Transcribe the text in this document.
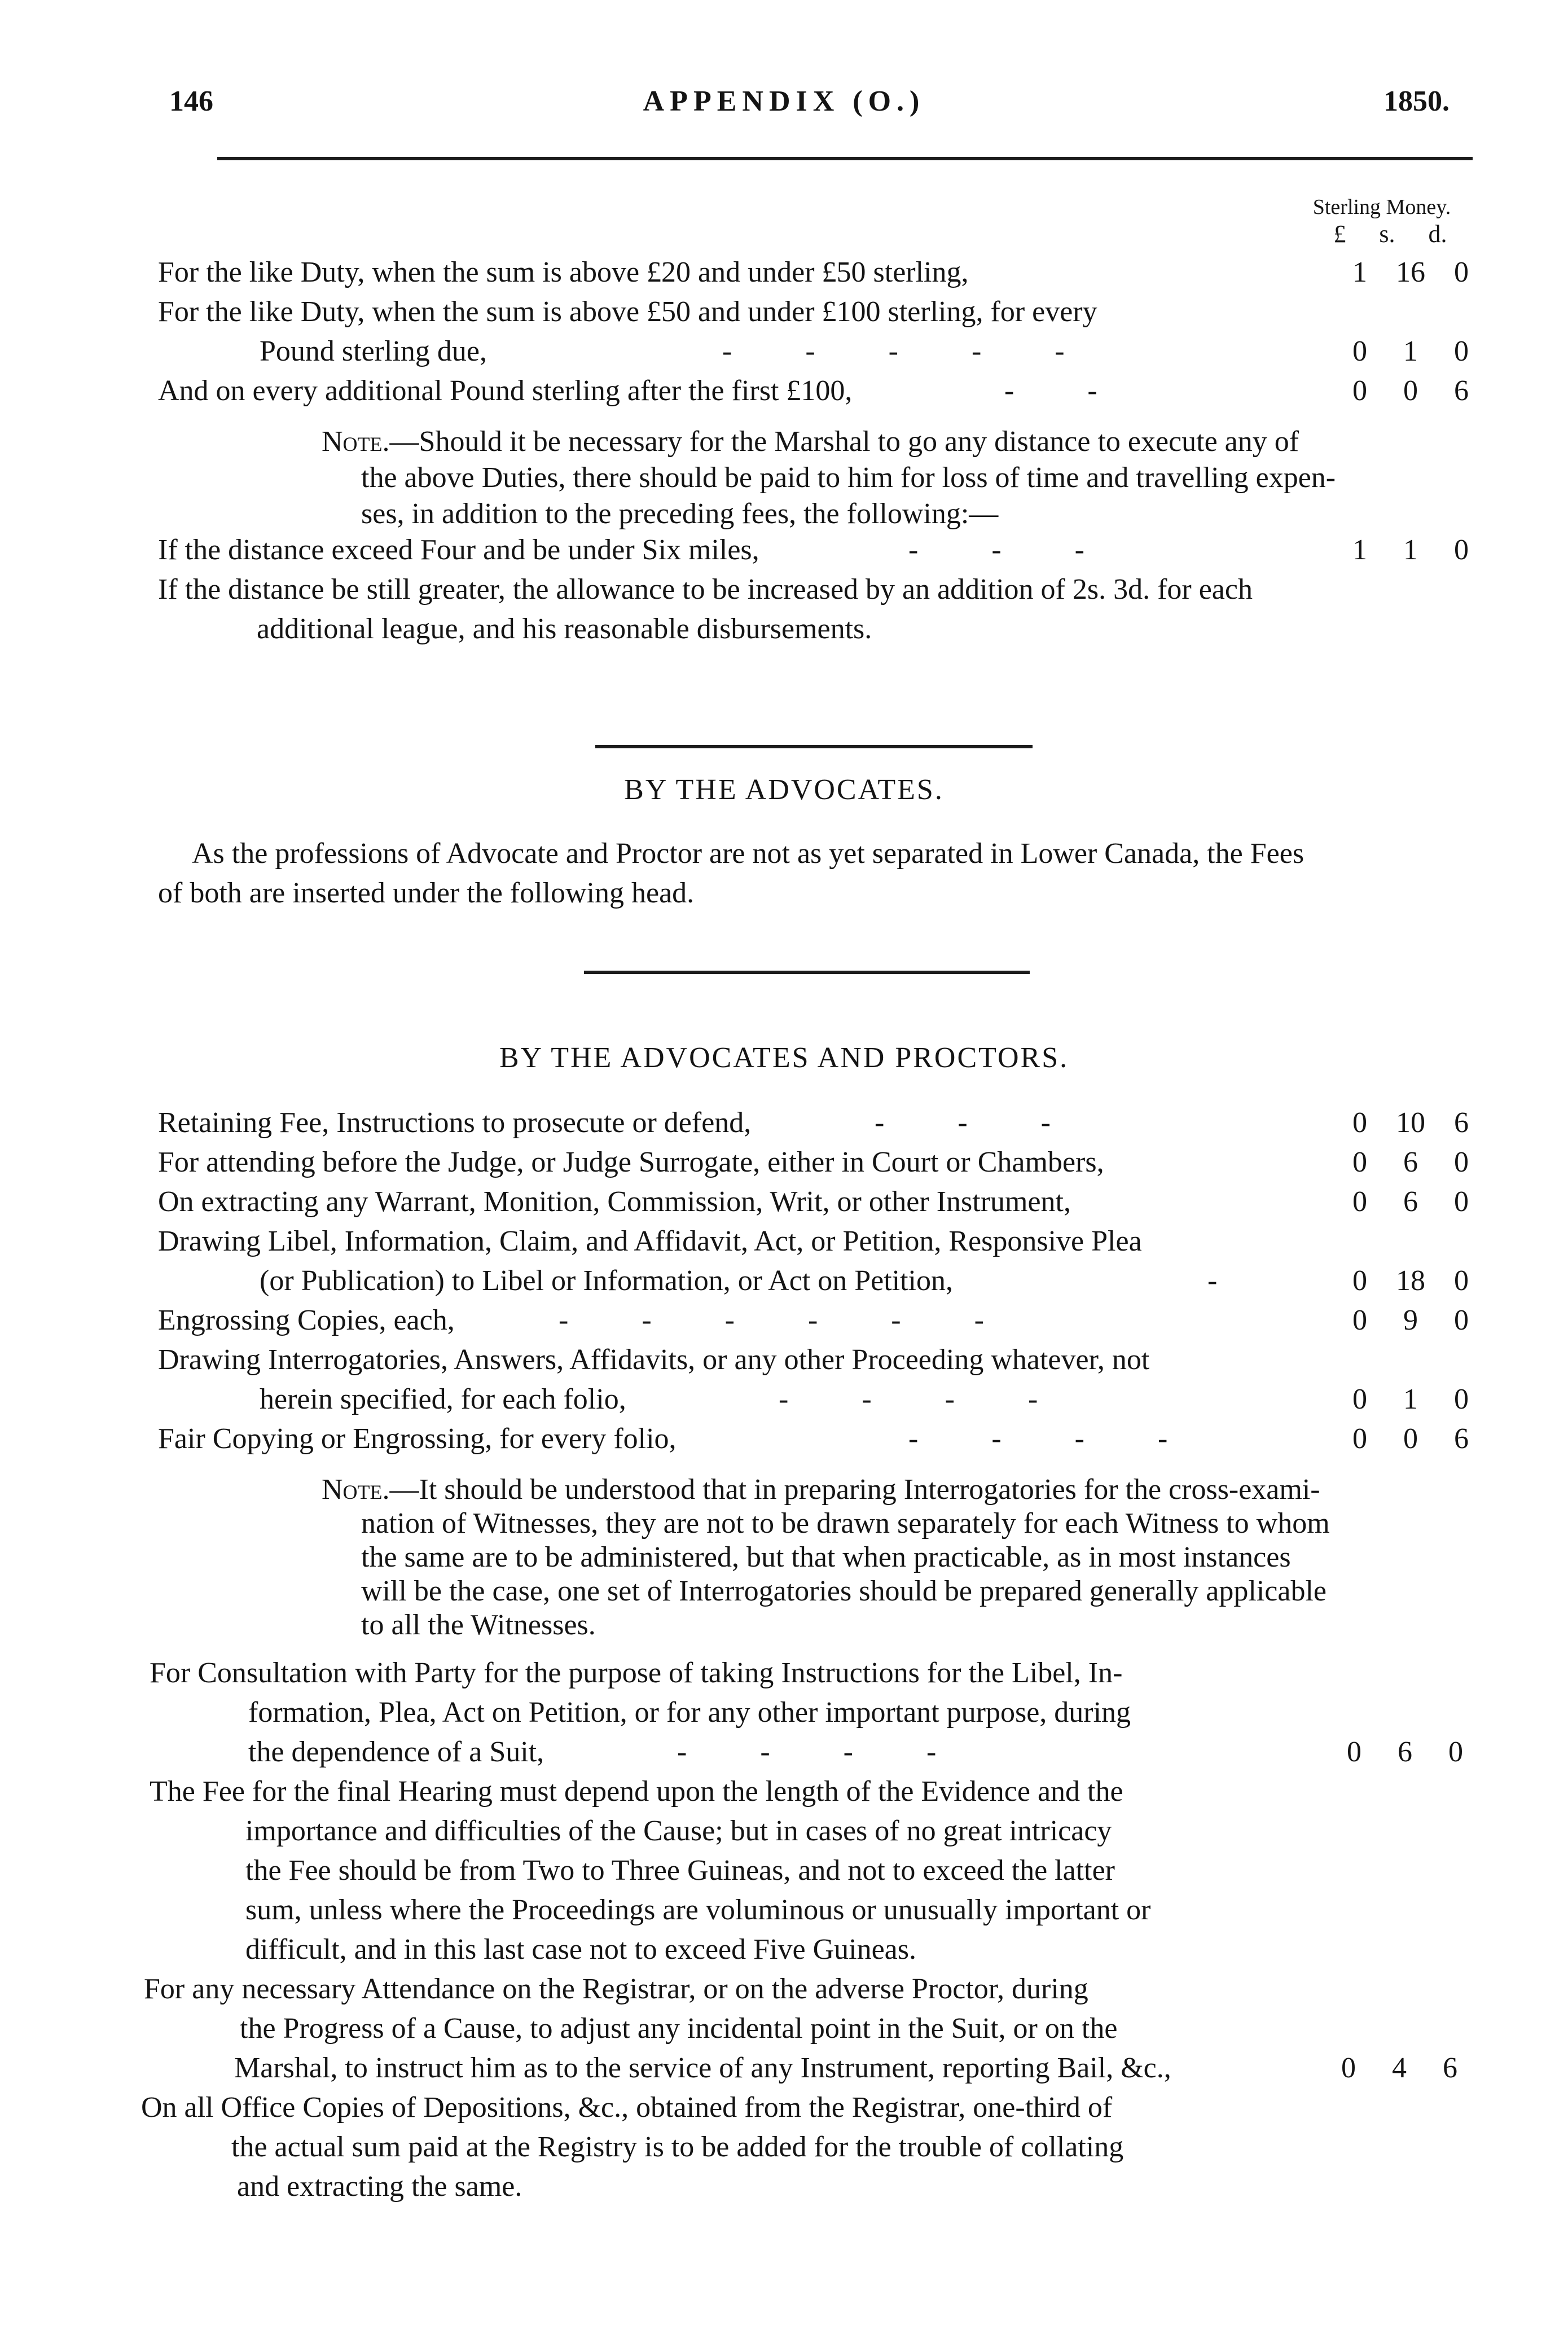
146	APPENDIX (O.)	1850.
Sterling Money.
£ s. d.
For the like Duty, when the sum is above £20 and under £50 sterling,	1 16 0
For the like Duty, when the sum is above £50 and under £100 sterling, for every
Pound sterling due,	-          -          -          -          -	0	1	0
And on every additional Pound sterling after the first £100,	-          -	0	0	6
Note.—Should it be necessary for the Marshal to go any distance to execute any of
the above Duties, there should be paid to him for loss of time and travelling expen-
ses, in addition to the preceding fees, the following:—
If the distance exceed Four and be under Six miles,	-          -          -	1	1	0
If the distance be still greater, the allowance to be increased by an addition of 2s. 3d. for each
additional league, and his reasonable disbursements.
BY THE ADVOCATES.
As the professions of Advocate and Proctor are not as yet separated in Lower Canada, the Fees
of both are inserted under the following head.
BY THE ADVOCATES AND PROCTORS.
Retaining Fee, Instructions to prosecute or defend,	-          -          -	0 10 6
For attending before the Judge, or Judge Surrogate, either in Court or Chambers,	0	6	0
On extracting any Warrant, Monition, Commission, Writ, or other Instrument,	0	6	0
Drawing Libel, Information, Claim, and Affidavit, Act, or Petition, Responsive Plea
(or Publication) to Libel or Information, or Act on Petition,	-	0 18 0
Engrossing Copies, each,	-          -          -          -          -          -	0	9	0
Drawing Interrogatories, Answers, Affidavits, or any other Proceeding whatever, not
herein specified, for each folio,	-          -          -          -	0	1	0
Fair Copying or Engrossing, for every folio,	-          -          -          -	0	0	6
Note.—It should be understood that in preparing Interrogatories for the cross-exami-
nation of Witnesses, they are not to be drawn separately for each Witness to whom
the same are to be administered, but that when practicable, as in most instances
will be the case, one set of Interrogatories should be prepared generally applicable
to all the Witnesses.
For Consultation with Party for the purpose of taking Instructions for the Libel, In-
formation, Plea, Act on Petition, or for any other important purpose, during
the dependence of a Suit,	-          -          -          -	0	6	0
The Fee for the final Hearing must depend upon the length of the Evidence and the
importance and difficulties of the Cause; but in cases of no great intricacy
the Fee should be from Two to Three Guineas, and not to exceed the latter
sum, unless where the Proceedings are voluminous or unusually important or
difficult, and in this last case not to exceed Five Guineas.
For any necessary Attendance on the Registrar, or on the adverse Proctor, during
the Progress of a Cause, to adjust any incidental point in the Suit, or on the
Marshal, to instruct him as to the service of any Instrument, reporting Bail, &c.,	0	4	6
On all Office Copies of Depositions, &c., obtained from the Registrar, one-third of
the actual sum paid at the Registry is to be added for the trouble of collating
and extracting the same.
